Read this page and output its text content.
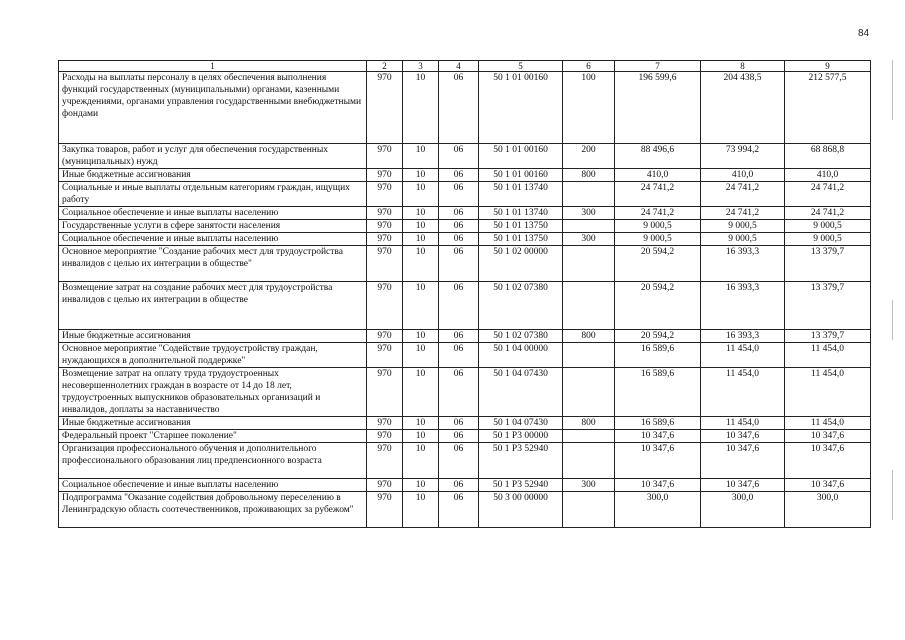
84
1	2	3	4	5	6	7	8	9
Расходы на выплаты персоналу в целях обеспечения выполнения функций государственных (муниципальными) органами, казенными учреждениями, органами управления государственными внебюджетными фондами	970	10	06	50 1 01 00160	100	196 599,6	204 438,5	212 577,5
Закупка товаров, работ и услуг для обеспечения государственных (муниципальных) нужд	970	10	06	50 1 01 00160	200	88 496,6	73 994,2	68 868,8
Иные бюджетные ассигнования	970	10	06	50 1 01 00160	800	410,0	410,0	410,0
Социальные и иные выплаты отдельным категориям граждан, ищущих работу	970	10	06	50 1 01 13740		24 741,2	24 741,2	24 741,2
Социальное обеспечение и иные выплаты населению	970	10	06	50 1 01 13740	300	24 741,2	24 741,2	24 741,2
Государственные услуги в сфере занятости населения	970	10	06	50 1 01 13750		9 000,5	9 000,5	9 000,5
Социальное обеспечение и иные выплаты населению	970	10	06	50 1 01 13750	300	9 000,5	9 000,5	9 000,5
Основное мероприятие "Создание рабочих мест для трудоустройства инвалидов с целью их интеграции в обществе"	970	10	06	50 1 02 00000		20 594,2	16 393,3	13 379,7
Возмещение затрат на создание рабочих мест для трудоустройства инвалидов с целью их интеграции в обществе	970	10	06	50 1 02 07380		20 594,2	16 393,3	13 379,7
Иные бюджетные ассигнования	970	10	06	50 1 02 07380	800	20 594,2	16 393,3	13 379,7
Основное мероприятие "Содействие трудоустройству граждан, нуждающихся в дополнительной поддержке"	970	10	06	50 1 04 00000		16 589,6	11 454,0	11 454,0
Возмещение затрат на оплату труда трудоустроенных несовершеннолетних граждан в возрасте от 14 до 18 лет, трудоустроенных выпускников образовательных организаций и инвалидов, доплаты за наставничество	970	10	06	50 1 04 07430		16 589,6	11 454,0	11 454,0
Иные бюджетные ассигнования	970	10	06	50 1 04 07430	800	16 589,6	11 454,0	11 454,0
Федеральный проект "Старшее поколение"	970	10	06	50 1 P3 00000		10 347,6	10 347,6	10 347,6
Организация профессионального обучения и дополнительного профессионального образования лиц предпенсионного возраста	970	10	06	50 1 P3 52940		10 347,6	10 347,6	10 347,6
Социальное обеспечение и иные выплаты населению	970	10	06	50 1 P3 52940	300	10 347,6	10 347,6	10 347,6
Подпрограмма "Оказание содействия добровольному переселению в Ленинградскую область соотечественников, проживающих за рубежом"	970	10	06	50 3 00 00000		300,0	300,0	300,0
